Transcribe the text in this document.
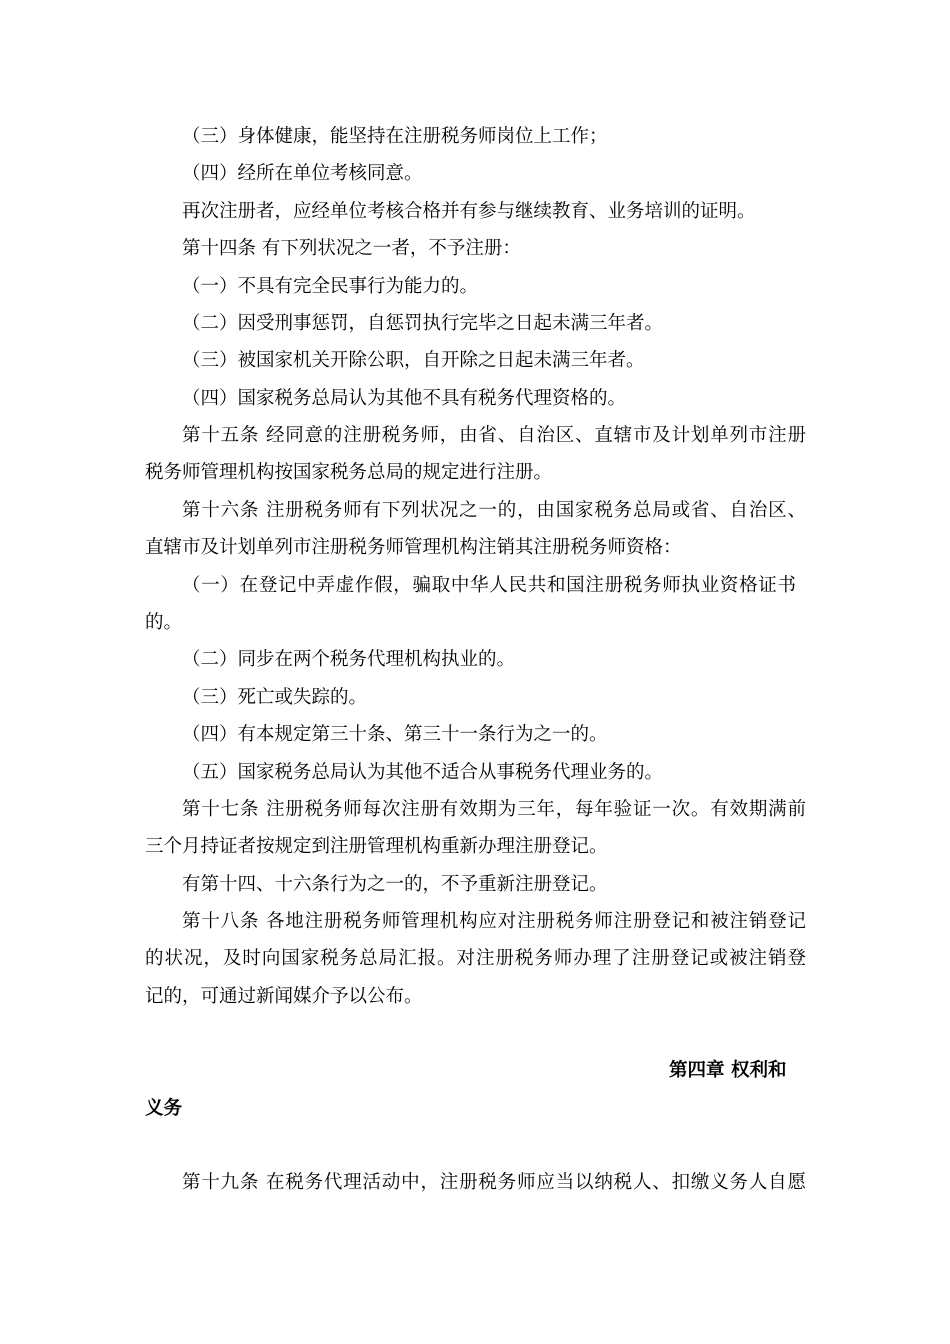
（三）身体健康，能坚持在注册税务师岗位上工作；
（四）经所在单位考核同意。
再次注册者，应经单位考核合格并有参与继续教育、业务培训的证明。
第十四条 有下列状况之一者，不予注册：
（一）不具有完全民事行为能力的。
（二）因受刑事惩罚，自惩罚执行完毕之日起未满三年者。
（三）被国家机关开除公职，自开除之日起未满三年者。
（四）国家税务总局认为其他不具有税务代理资格的。
第十五条 经同意的注册税务师，由省、自治区、直辖市及计划单列市注册
税务师管理机构按国家税务总局的规定进行注册。
第十六条 注册税务师有下列状况之一的，由国家税务总局或省、自治区、
直辖市及计划单列市注册税务师管理机构注销其注册税务师资格：
（一）在登记中弄虚作假，骗取中华人民共和国注册税务师执业资格证书
的。
（二）同步在两个税务代理机构执业的。
（三）死亡或失踪的。
（四）有本规定第三十条、第三十一条行为之一的。
（五）国家税务总局认为其他不适合从事税务代理业务的。
第十七条 注册税务师每次注册有效期为三年，每年验证一次。有效期满前
三个月持证者按规定到注册管理机构重新办理注册登记。
有第十四、十六条行为之一的，不予重新注册登记。
第十八条 各地注册税务师管理机构应对注册税务师注册登记和被注销登记
的状况，及时向国家税务总局汇报。对注册税务师办理了注册登记或被注销登
记的，可通过新闻媒介予以公布。
第四章 权利和
义务
第十九条 在税务代理活动中，注册税务师应当以纳税人、扣缴义务人自愿
